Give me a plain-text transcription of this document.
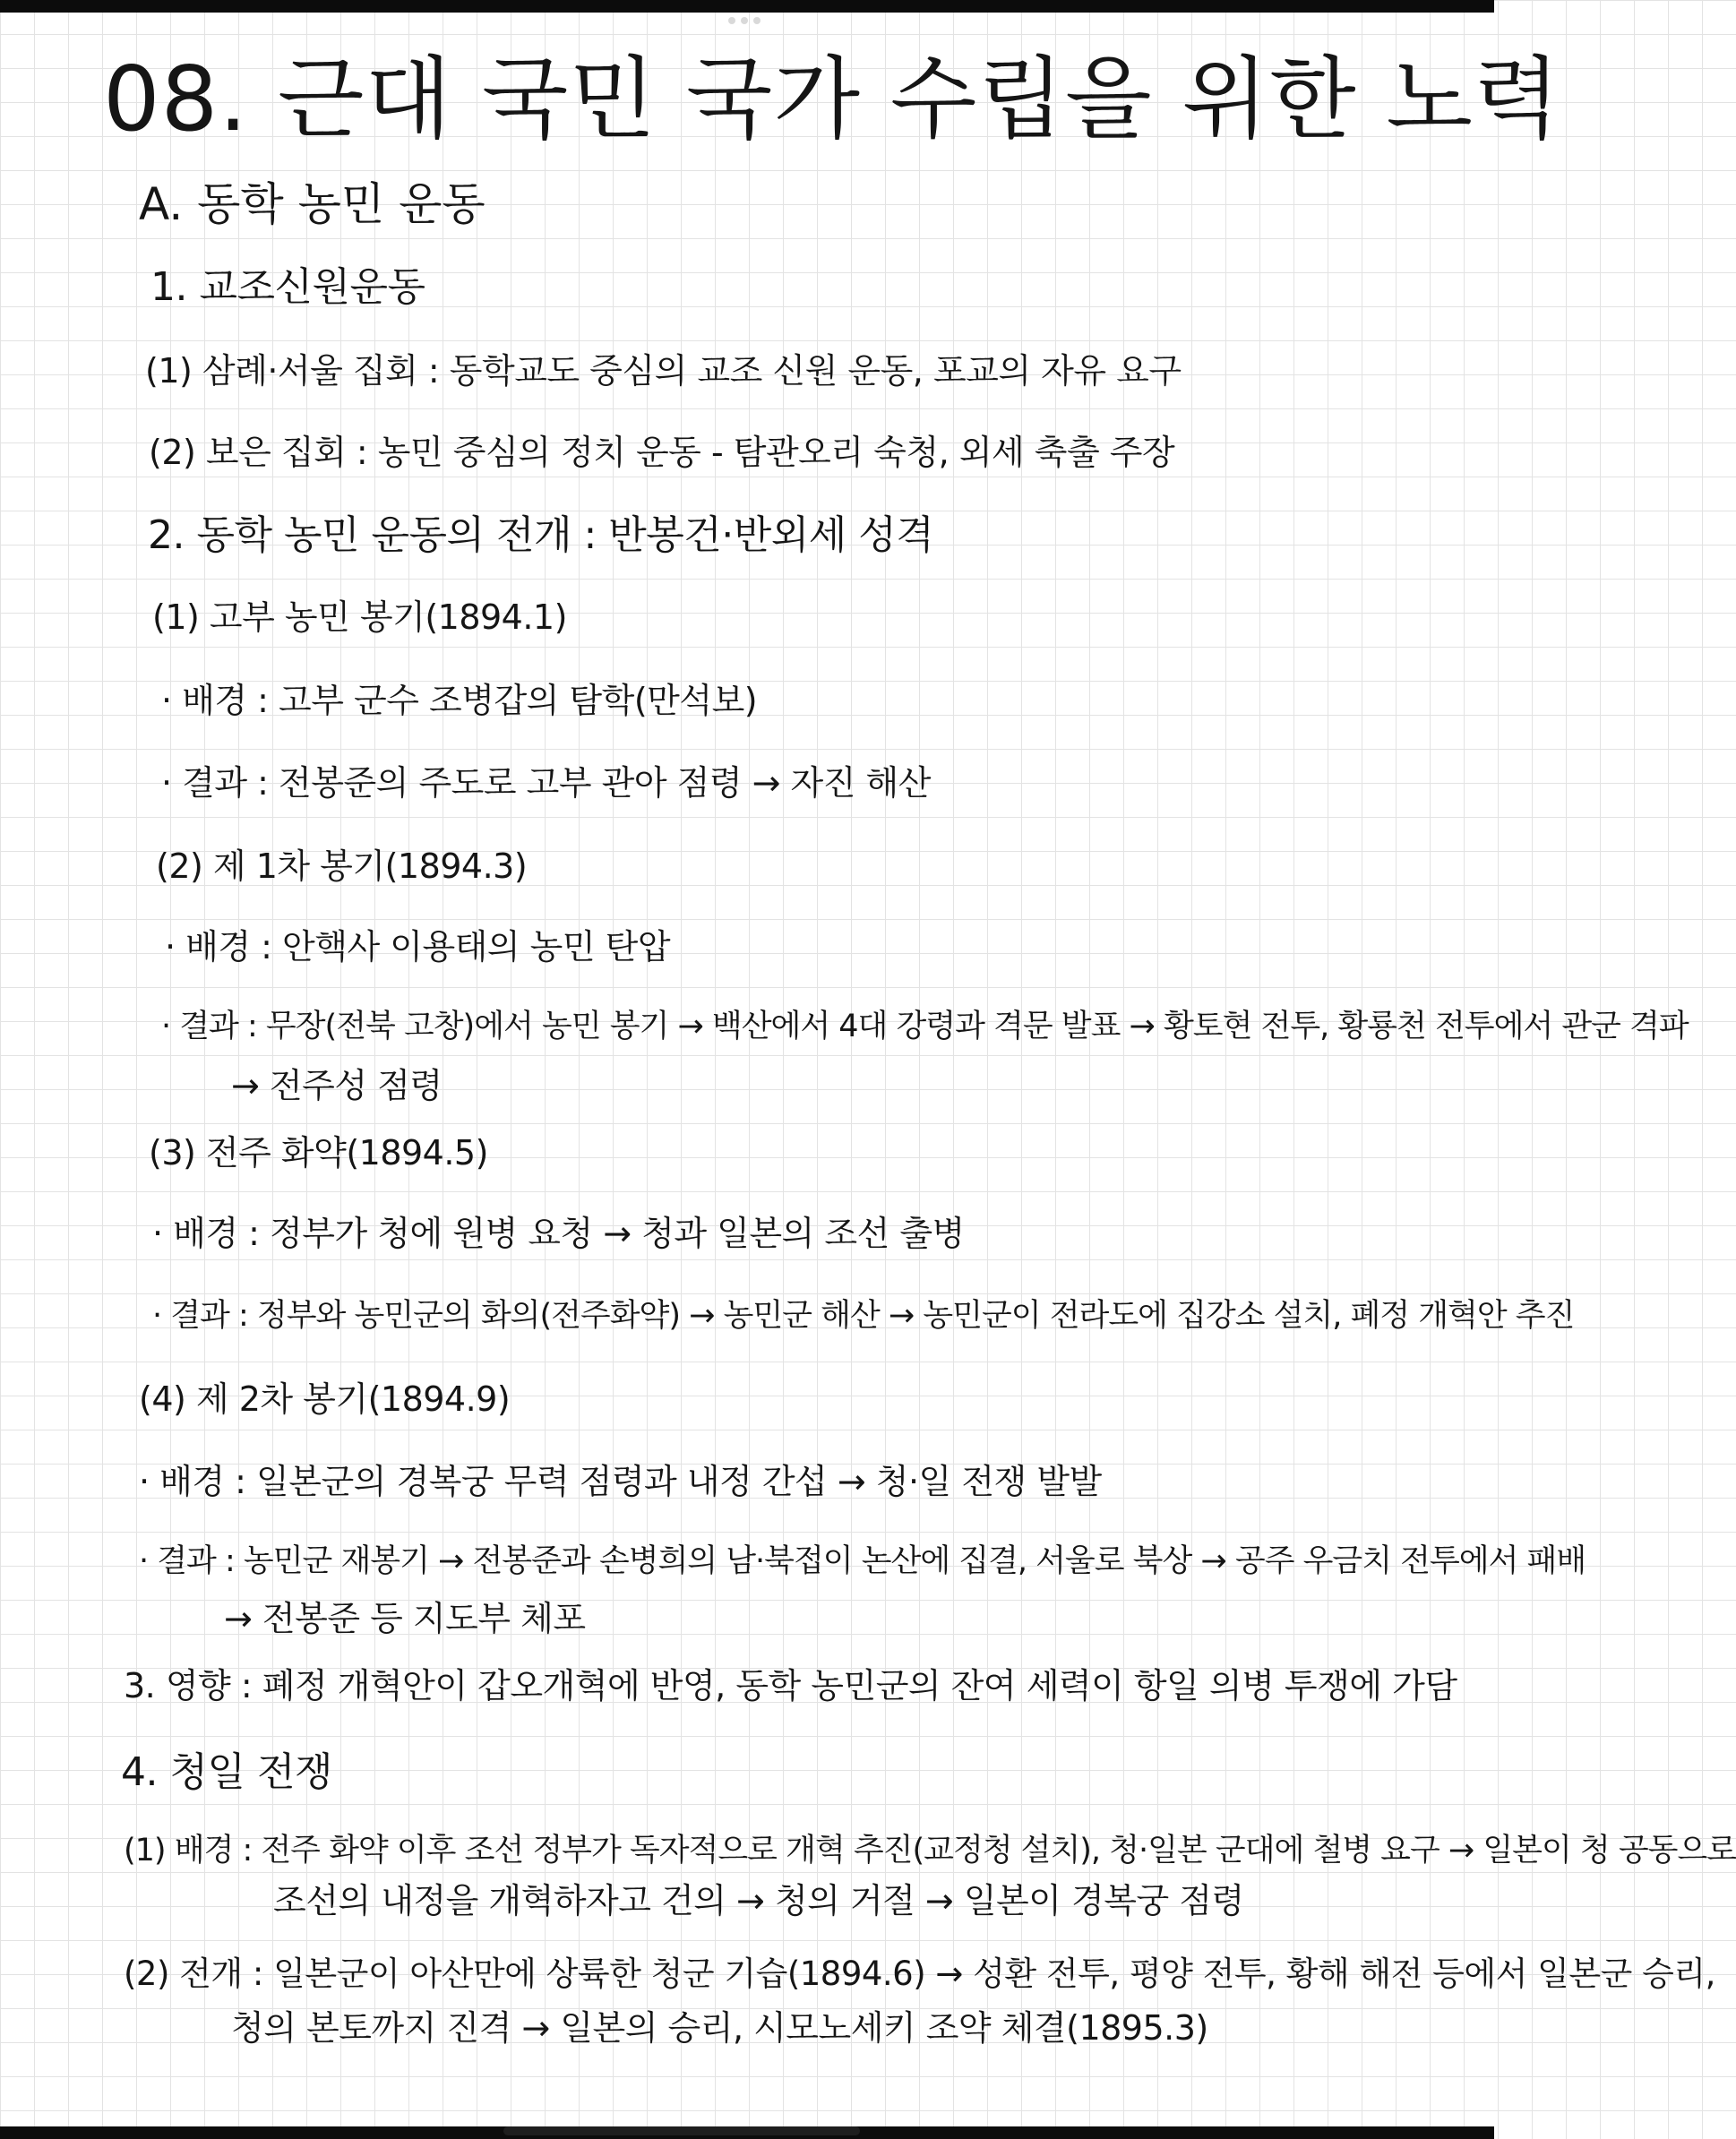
08. 근대 국민 국가 수립을 위한 노력
A. 동학 농민 운동
1. 교조신원운동
(1) 삼례·서울 집회 : 동학교도 중심의 교조 신원 운동, 포교의 자유 요구
(2) 보은 집회 : 농민 중심의 정치 운동 - 탐관오리 숙청, 외세 축출 주장
2. 동학 농민 운동의 전개 : 반봉건·반외세 성격
(1) 고부 농민 봉기(1894.1)
· 배경 : 고부 군수 조병갑의 탐학(만석보)
· 결과 : 전봉준의 주도로 고부 관아 점령 → 자진 해산
(2) 제 1차 봉기(1894.3)
· 배경 : 안핵사 이용태의 농민 탄압
· 결과 : 무장(전북 고창)에서 농민 봉기 → 백산에서 4대 강령과 격문 발표 → 황토현 전투, 황룡천 전투에서 관군 격파
→ 전주성 점령
(3) 전주 화약(1894.5)
· 배경 : 정부가 청에 원병 요청 → 청과 일본의 조선 출병
· 결과 : 정부와 농민군의 화의(전주화약) → 농민군 해산 → 농민군이 전라도에 집강소 설치, 폐정 개혁안 추진
(4) 제 2차 봉기(1894.9)
· 배경 : 일본군의 경복궁 무력 점령과 내정 간섭 → 청·일 전쟁 발발
· 결과 : 농민군 재봉기 → 전봉준과 손병희의 남·북접이 논산에 집결, 서울로 북상 → 공주 우금치 전투에서 패배
→ 전봉준 등 지도부 체포
3. 영향 : 폐정 개혁안이 갑오개혁에 반영, 동학 농민군의 잔여 세력이 항일 의병 투쟁에 가담
4. 청일 전쟁
(1) 배경 : 전주 화약 이후 조선 정부가 독자적으로 개혁 추진(교정청 설치), 청·일본 군대에 철병 요구 → 일본이 청 공동으로
조선의 내정을 개혁하자고 건의 → 청의 거절 → 일본이 경복궁 점령
(2) 전개 : 일본군이 아산만에 상륙한 청군 기습(1894.6) → 성환 전투, 평양 전투, 황해 해전 등에서 일본군 승리,
청의 본토까지 진격 → 일본의 승리, 시모노세키 조약 체결(1895.3)
